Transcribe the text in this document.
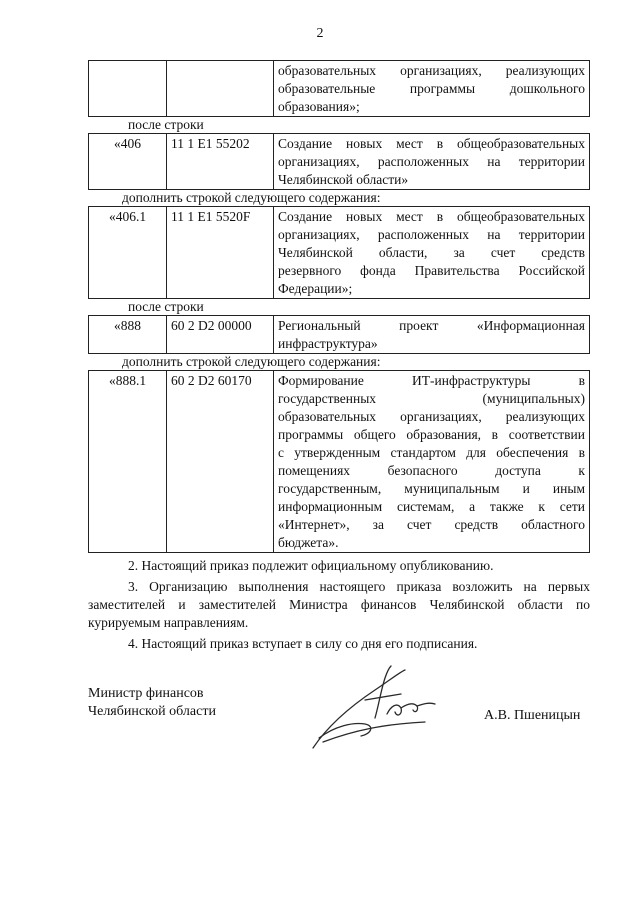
2

образовательных организациях, реализующих
образовательные программы дошкольного
образования»;

после строки

«406	11 1 E1 55202	Создание новых мест в общеобразовательных
организациях, расположенных на территории
Челябинской области»

дополнить строкой следующего содержания:

«406.1	11 1 E1 5520F	Создание новых мест в общеобразовательных
организациях, расположенных на территории
Челябинской области, за счет средств
резервного фонда Правительства Российской
Федерации»;

после строки

«888	60 2 D2 00000	Региональный проект «Информационная
инфраструктура»

дополнить строкой следующего содержания:

«888.1	60 2 D2 60170	Формирование ИТ-инфраструктуры в
государственных (муниципальных)
образовательных организациях, реализующих
программы общего образования, в соответствии
с утвержденным стандартом для обеспечения в
помещениях безопасного доступа к
государственным, муниципальным и иным
информационным системам, а также к сети
«Интернет», за счет средств областного
бюджета».

2. Настоящий приказ подлежит официальному опубликованию.

3. Организацию выполнения настоящего приказа возложить на первых заместителей и заместителей Министра финансов Челябинской области по курируемым направлениям.

4. Настоящий приказ вступает в силу со дня его подписания.

Министр финансов
Челябинской области	А.В. Пшеницын
